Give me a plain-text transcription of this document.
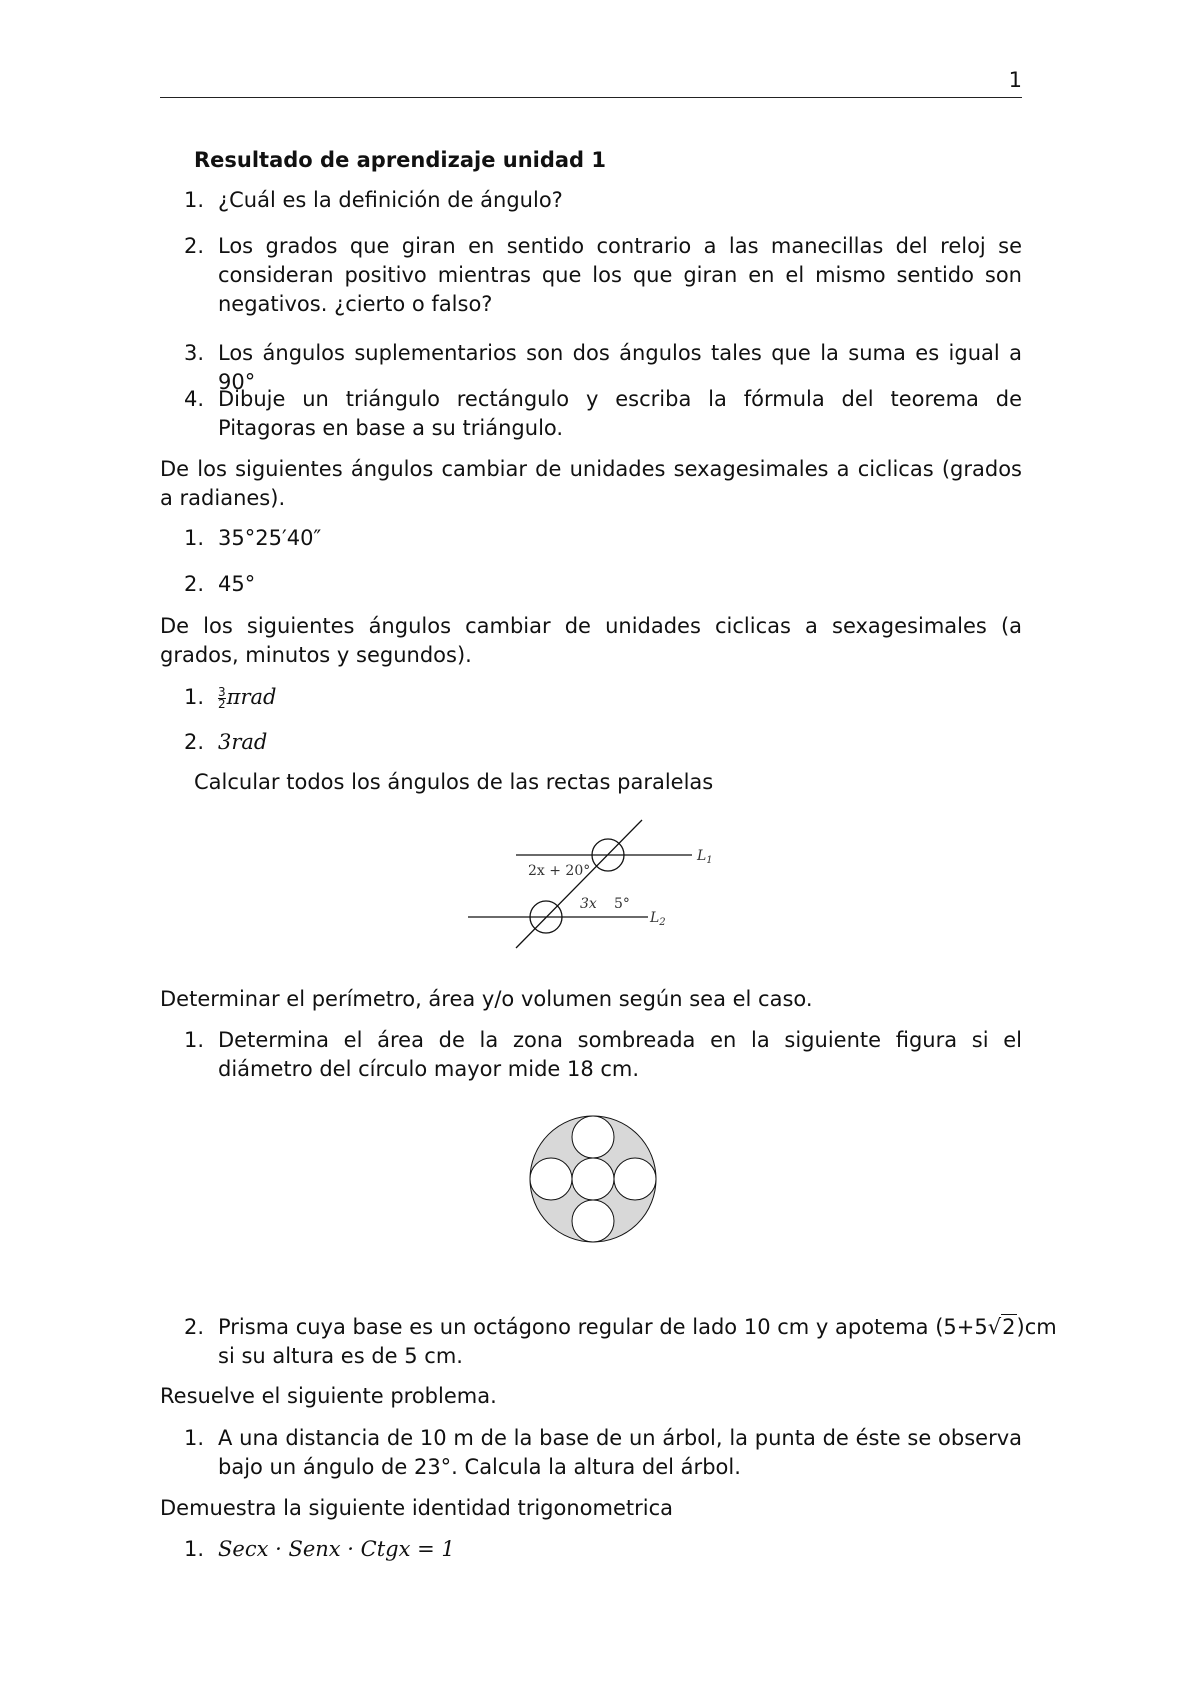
1
Resultado de aprendizaje unidad 1
1. ¿Cuál es la definición de ángulo?
2. Los grados que giran en sentido contrario a las manecillas del reloj se consideran positivo mientras que los que giran en el mismo sentido son negativos. ¿cierto o falso?
3. Los ángulos suplementarios son dos ángulos tales que la suma es igual a 90°
4. Dibuje un triángulo rectángulo y escriba la fórmula del teorema de Pitagoras en base a su triángulo.
De los siguientes ángulos cambiar de unidades sexagesimales a ciclicas (grados a radianes).
1. 35°25′40″
2. 45°
De los siguientes ángulos cambiar de unidades ciclicas a sexagesimales (a grados, minutos y segundos).
1. $\frac{3}{2}$ πrad
2. 3rad
Calcular todos los ángulos de las rectas paralelas
2x + 20°
3x 5°
$L_1$
$L_2$
Determinar el perímetro, área y/o volumen según sea el caso.
1. Determina el área de la zona sombreada en la siguiente figura si el diámetro del círculo mayor mide 18 cm.
2. Prisma cuya base es un octágono regular de lado 10 cm y apotema (5+5√2)cm
si su altura es de 5 cm.
Resuelve el siguiente problema.
1. A una distancia de 10 m de la base de un árbol, la punta de éste se observa bajo un ángulo de 23°. Calcula la altura del árbol.
Demuestra la siguiente identidad trigonometrica
1. Secx · Senx · Ctgx = 1
